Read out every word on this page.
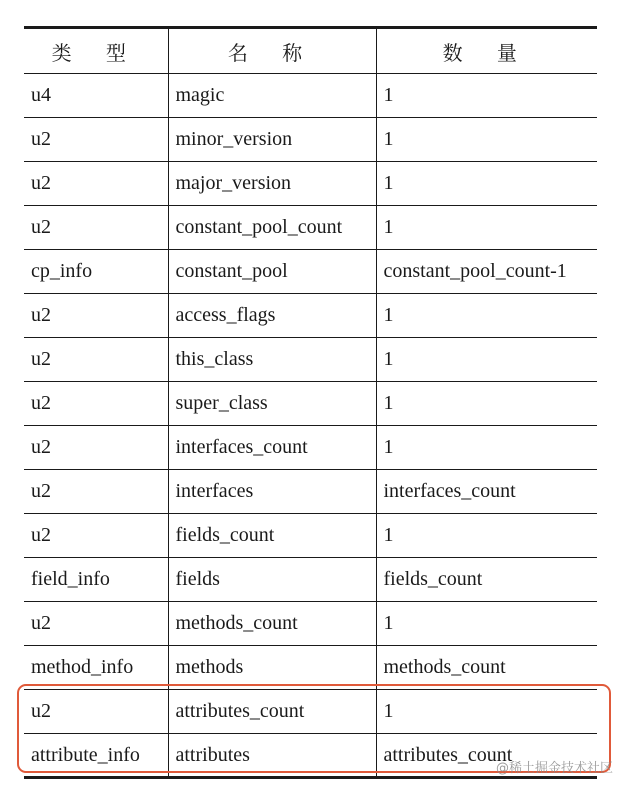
类 型	名 称	数 量
u4	magic	1
u2	minor_version	1
u2	major_version	1
u2	constant_pool_count	1
cp_info	constant_pool	constant_pool_count-1
u2	access_flags	1
u2	this_class	1
u2	super_class	1
u2	interfaces_count	1
u2	interfaces	interfaces_count
u2	fields_count	1
field_info	fields	fields_count
u2	methods_count	1
method_info	methods	methods_count
u2	attributes_count	1
attribute_info	attributes	attributes_count
@稀土掘金技术社区
